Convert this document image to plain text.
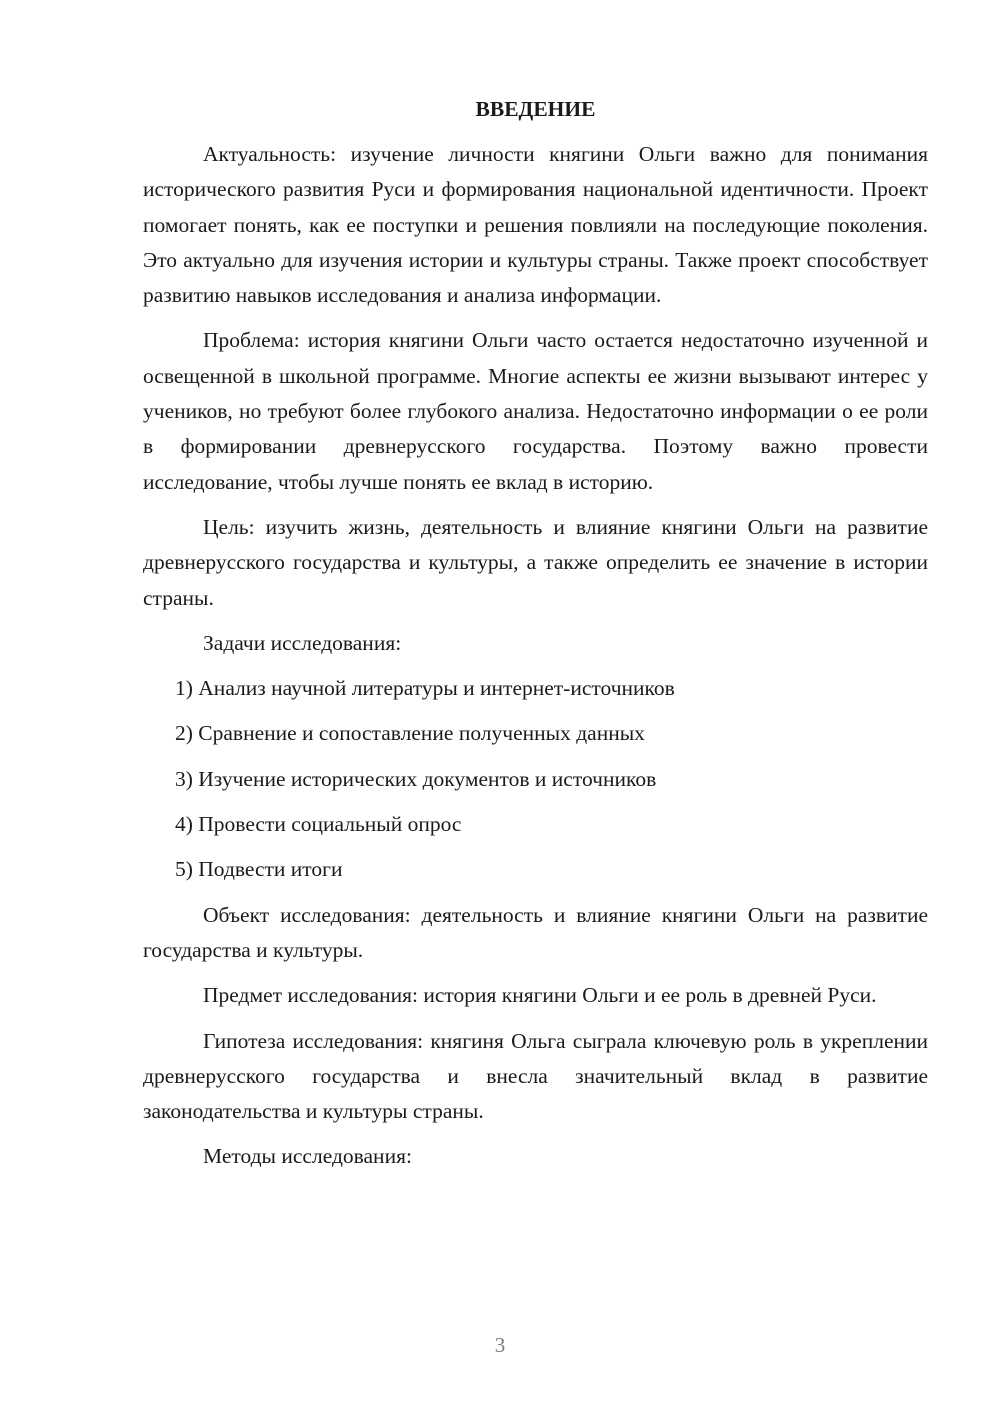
ВВЕДЕНИЕ

Актуальность: изучение личности княгини Ольги важно для понимания исторического развития Руси и формирования национальной идентичности. Проект помогает понять, как ее поступки и решения повлияли на последующие поколения. Это актуально для изучения истории и культуры страны. Также проект способствует развитию навыков исследования и анализа информации.

Проблема: история княгини Ольги часто остается недостаточно изученной и освещенной в школьной программе. Многие аспекты ее жизни вызывают интерес у учеников, но требуют более глубокого анализа. Недостаточно информации о ее роли в формировании древнерусского государства. Поэтому важно провести исследование, чтобы лучше понять ее вклад в историю.

Цель: изучить жизнь, деятельность и влияние княгини Ольги на развитие древнерусского государства и культуры, а также определить ее значение в истории страны.

Задачи исследования:

1) Анализ научной литературы и интернет-источников
2) Сравнение и сопоставление полученных данных
3) Изучение исторических документов и источников
4) Провести социальный опрос
5) Подвести итоги

Объект исследования: деятельность и влияние княгини Ольги на развитие государства и культуры.

Предмет исследования: история княгини Ольги и ее роль в древней Руси.

Гипотеза исследования: княгиня Ольга сыграла ключевую роль в укреплении древнерусского государства и внесла значительный вклад в развитие законодательства и культуры страны.

Методы исследования:

3
